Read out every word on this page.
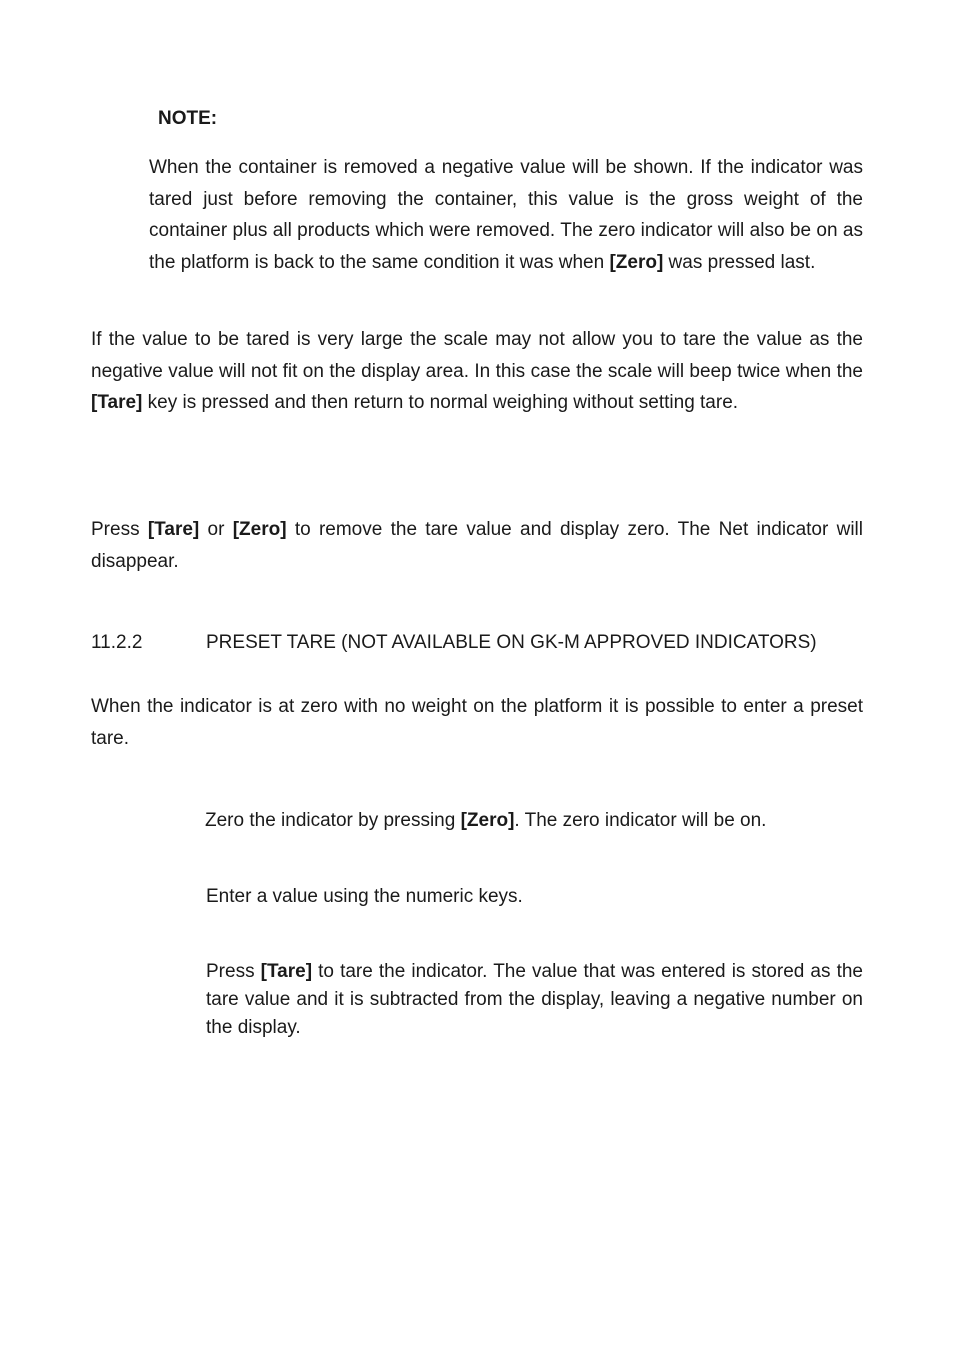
NOTE:

When the container is removed a negative value will be shown. If the indicator was tared just before removing the container, this value is the gross weight of the container plus all products which were removed. The zero indicator will also be on as the platform is back to the same condition it was when [Zero] was pressed last.

If the value to be tared is very large the scale may not allow you to tare the value as the negative value will not fit on the display area. In this case the scale will beep twice when the [Tare] key is pressed and then return to normal weighing without setting tare.

Press [Tare] or [Zero] to remove the tare value and display zero. The Net indicator will disappear.

11.2.2	PRESET TARE (NOT AVAILABLE ON GK-M APPROVED INDICATORS)

When the indicator is at zero with no weight on the platform it is possible to enter a preset tare.

Zero the indicator by pressing [Zero]. The zero indicator will be on.

Enter a value using the numeric keys.

Press [Tare] to tare the indicator. The value that was entered is stored as the tare value and it is subtracted from the display, leaving a negative number on the display.
